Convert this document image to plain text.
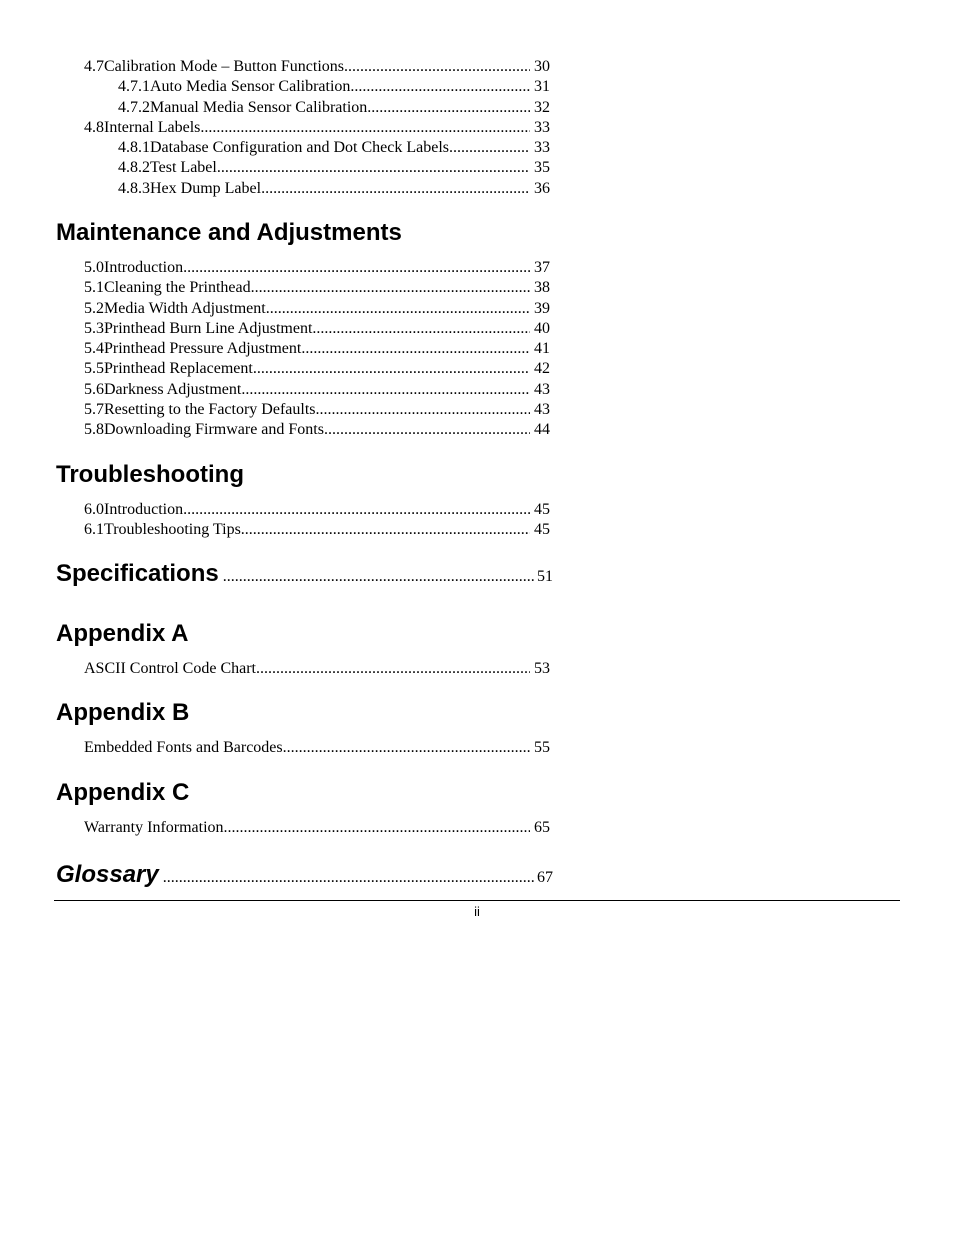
4.7 Calibration Mode – Button Functions .....	30
4.7.1 Auto Media Sensor Calibration .....	31
4.7.2 Manual Media Sensor Calibration .....	32
4.8 Internal Labels .....	33
4.8.1 Database Configuration and Dot Check Labels .....	33
4.8.2 Test Label .....	35
4.8.3 Hex Dump Label .....	36
Maintenance and Adjustments
5.0 Introduction .....	37
5.1 Cleaning the Printhead .....	38
5.2 Media Width Adjustment .....	39
5.3 Printhead Burn Line Adjustment .....	40
5.4 Printhead Pressure Adjustment .....	41
5.5 Printhead Replacement .....	42
5.6 Darkness Adjustment .....	43
5.7 Resetting to the Factory Defaults .....	43
5.8 Downloading Firmware and Fonts .....	44
Troubleshooting
6.0 Introduction .....	45
6.1 Troubleshooting Tips .....	45
Specifications .....	51
Appendix A
ASCII Control Code Chart .....	53
Appendix B
Embedded Fonts and Barcodes .....	55
Appendix C
Warranty Information .....	65
Glossary .....	67
ii
